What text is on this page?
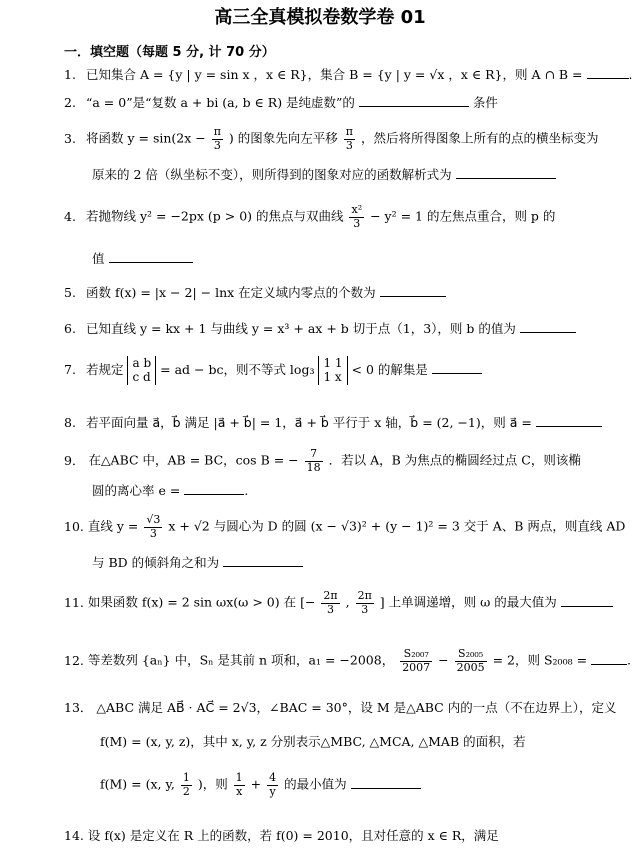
高三全真模拟卷数学卷 01
一．填空题（每题 5 分, 计 70 分）
1. 已知集合 A = {y | y = sin x ，x ∈ R}，集合 B = {y | y = √x ，x ∈ R}，则 A ∩ B =	.
2. “a = 0”是“复数 a + bi (a, b ∈ R) 是纯虚数”的	条件
3. 将函数 $y = \sin(2x - \frac{\pi}{3}$ ) 的图象先向左平移 $\frac{\pi}{3}$ ，然后将所得图象上所有的点的横坐标变为
原来的 2 倍（纵坐标不变），则所得到的图象对应的函数解析式为
4. 若抛物线 y² = −2px (p > 0) 的焦点与双曲线 $\frac{\text{x²}}{3} - y^2 = 1$ 的左焦点重合，则 p 的
值
5. 函数 f(x) = |x − 2| − lnx 在定义域内零点的个数为
6. 已知直线 y = kx + 1 与曲线 y = x³ + ax + b 切于点（1，3），则 b 的值为
7. 若规定 a b
c d
= ad − bc，则不等式 log₃ 1 1
1 x
< 0 的解集是
8. 若平面向量 a⃗，b⃗ 满足 |a⃗ + b⃗| = 1，a⃗ + b⃗ 平行于 x 轴，b⃗ = (2, −1)，则 a⃗ =
9． 在△ABC 中，AB = BC，cos B = − $\frac{7}{18}$ ．若以 A，B 为焦点的椭圆经过点 C，则该椭
圆的离心率 e =	.
10. 直线 $y = \frac{√3}{3}$ x + √2 与圆心为 D 的圆 (x − √3)² + (y − 1)² = 3 交于 A、B 两点，则直线 AD
与 BD 的倾斜角之和为
11. 如果函数 f(x) = 2 sin ωx(ω > 0) 在 [− $\frac{2\pi}{3}$ , $\frac{2\pi}{3}$ ] 上单调递增，则 ω 的最大值为
12. 等差数列 {aₙ} 中，Sₙ 是其前 n 项和，a₁ = −2008， $\frac{\text{S₂₀₀₇}}{2007} - \frac{\text{S₂₀₀₅}}{2005} = 2$，则 S₂₀₀₈ =	.
13． △ABC 满足 AB⃗ · AC⃗ = 2√3，∠BAC = 30°，设 M 是△ABC 内的一点（不在边界上），定义
f(M) = (x, y, z)，其中 x, y, z 分别表示△MBC, △MCA, △MAB 的面积，若
f(M) = (x, y, $\frac{1}{2}$ )，则 $\frac{1}{x} + \frac{4}{y}$ 的最小值为
14. 设 f(x) 是定义在 R 上的函数，若 f(0) = 2010，且对任意的 x ∈ R，满足
